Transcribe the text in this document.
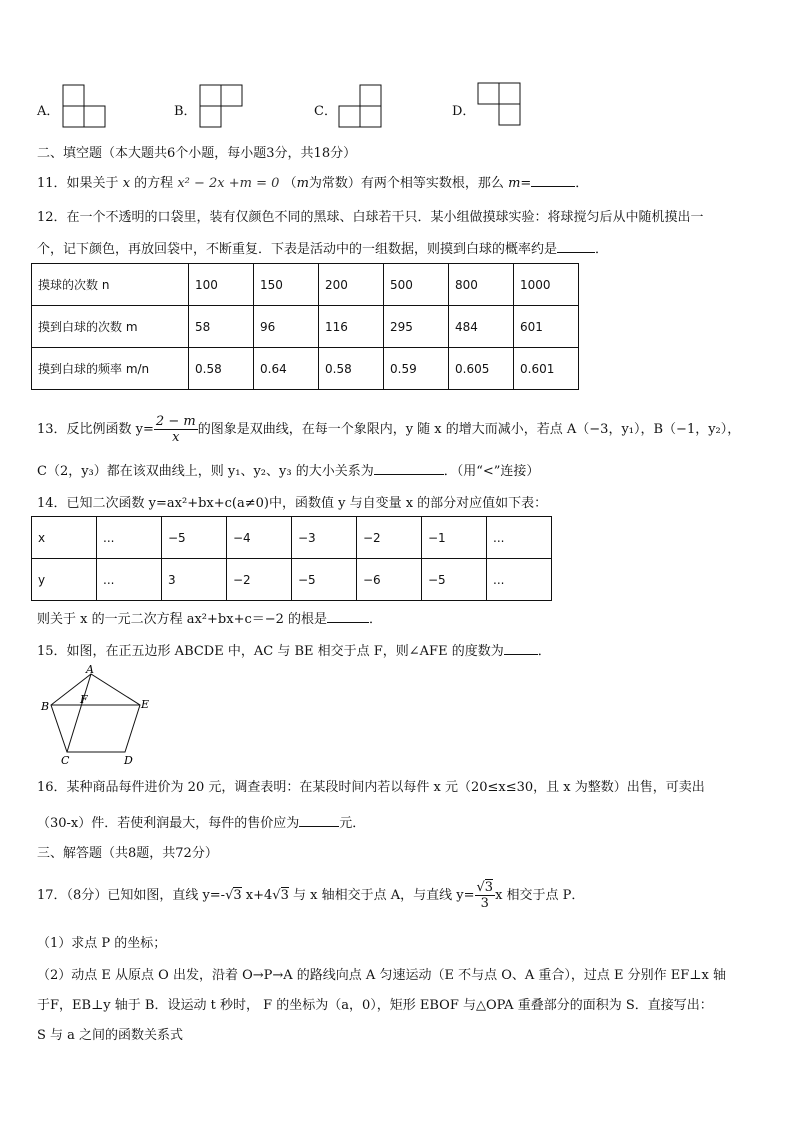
A．	B．	C．	D．
二、填空题（本大题共6个小题，每小题3分，共18分）
11．如果关于 x 的方程 x² − 2x +m = 0 （m为常数）有两个相等实数根，那么 m=	．
12．在一个不透明的口袋里，装有仅颜色不同的黑球、白球若干只．某小组做摸球实验：将球搅匀后从中随机摸出一
个，记下颜色，再放回袋中，不断重复．下表是活动中的一组数据，则摸到白球的概率约是	．
摸球的次数 n	100	150	200	500	800	1000
摸到白球的次数 m	58	96	116	295	484	601
摸到白球的频率 m/n	0.58	0.64	0.58	0.59	0.605	0.601
13．反比例函数 $y= \frac{2 - m}{x}$ 的图象是双曲线，在每一个象限内，y 随 x 的增大而减小，若点 A（−3，y₁），B（−1，y₂），
C（2，y₃）都在该双曲线上，则 y₁、y₂、y₃ 的大小关系为	．（用“<”连接）
14．已知二次函数 y=ax²+bx+c(a≠0)中，函数值 y 与自变量 x 的部分对应值如下表：
x	...	−5	−4	−3	−2	−1	...
y	...	3	−2	−5	−6	−5	...
则关于 x 的一元二次方程 ax²+bx+c＝−2 的根是	．
15．如图，在正五边形 ABCDE 中，AC 与 BE 相交于点 F，则∠AFE 的度数为	．
A
B
C	D
E
F
16．某种商品每件进价为 20 元，调查表明：在某段时间内若以每件 x 元（20≤x≤30，且 x 为整数）出售，可卖出
（30-x）件．若使利润最大，每件的售价应为	元．
三、解答题（共8题，共72分）
17．（8分）已知如图，直线 y=-√3 x+4√3 与 x 轴相交于点 A，与直线 $y= \frac{√3}{3}$ x 相交于点 P．
（1）求点 P 的坐标；
（2）动点 E 从原点 O 出发，沿着 O→P→A 的路线向点 A 匀速运动（E 不与点 O、A 重合），过点 E 分别作 EF⊥x 轴
于F，EB⊥y 轴于 B．设运动 t 秒时， F 的坐标为（a，0），矩形 EBOF 与△OPA 重叠部分的面积为 S．直接写出：
S 与 a 之间的函数关系式
